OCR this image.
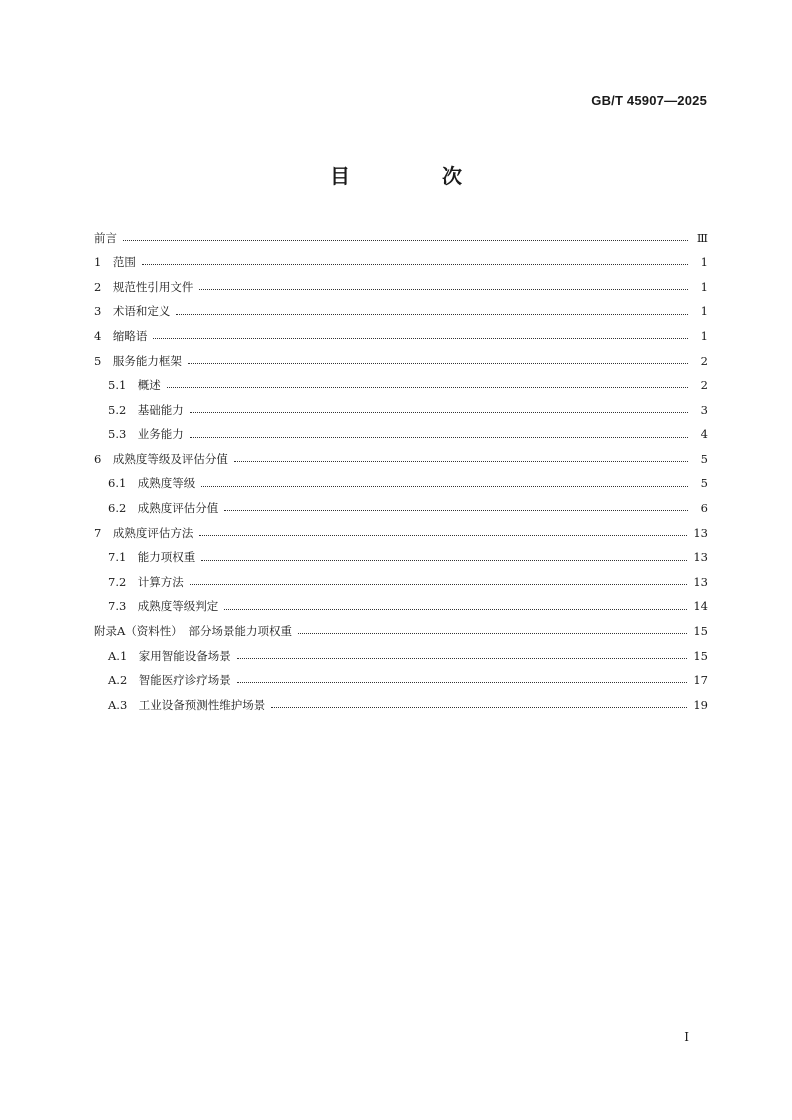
GB/T 45907—2025
目　次
前言	Ⅲ
1　范围	1
2　规范性引用文件	1
3　术语和定义	1
4　缩略语	1
5　服务能力框架	2
5.1　概述	2
5.2　基础能力	3
5.3　业务能力	4
6　成熟度等级及评估分值	5
6.1　成熟度等级	5
6.2　成熟度评估分值	6
7　成熟度评估方法	13
7.1　能力项权重	13
7.2　计算方法	13
7.3　成熟度等级判定	14
附录A（资料性）　部分场景能力项权重	15
A.1　家用智能设备场景	15
A.2　智能医疗诊疗场景	17
A.3　工业设备预测性维护场景	19
I
